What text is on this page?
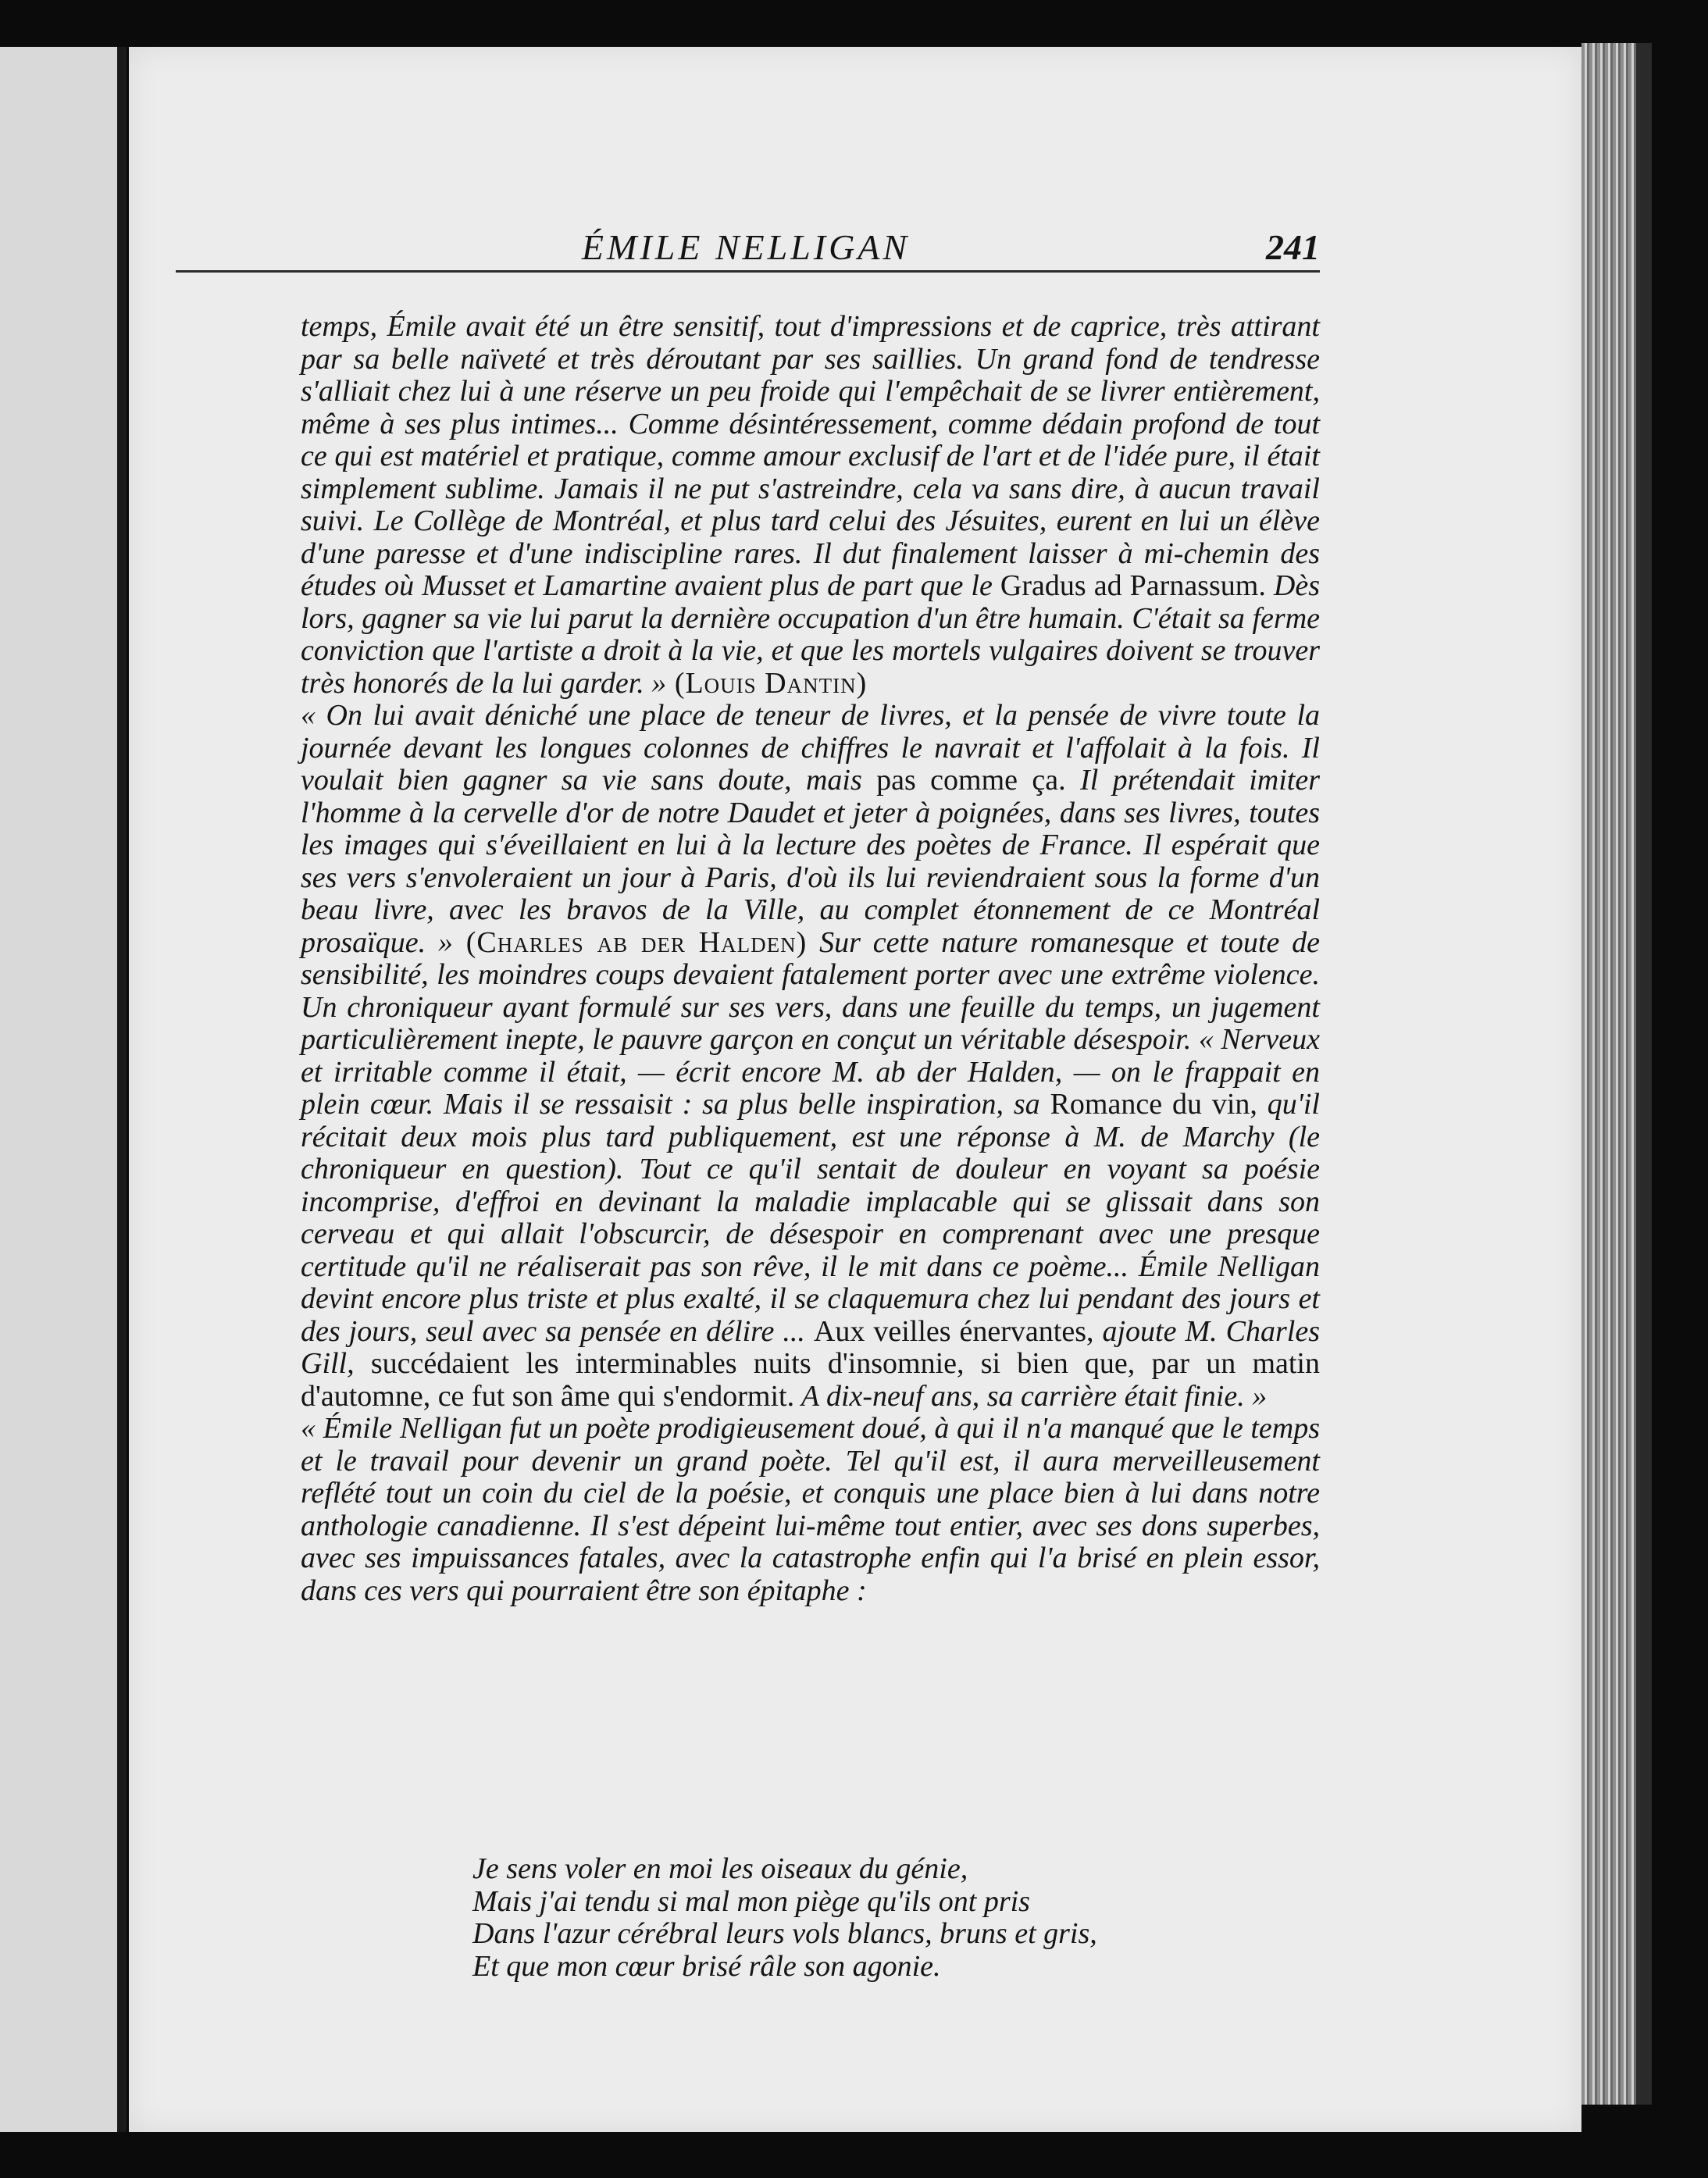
ÉMILE NELLIGAN	241

temps, Émile avait été un être sensitif, tout d'impressions et de caprice, très attirant par sa belle naïveté et très déroutant par ses saillies. Un grand fond de tendresse s'alliait chez lui à une réserve un peu froide qui l'empêchait de se livrer entièrement, même à ses plus intimes... Comme désintéressement, comme dédain profond de tout ce qui est matériel et pratique, comme amour exclusif de l'art et de l'idée pure, il était simplement sublime. Jamais il ne put s'astreindre, cela va sans dire, à aucun travail suivi. Le Collège de Montréal, et plus tard celui des Jésuites, eurent en lui un élève d'une paresse et d'une indiscipline rares. Il dut finalement laisser à mi-chemin des études où Musset et Lamartine avaient plus de part que le Gradus ad Parnassum. Dès lors, gagner sa vie lui parut la dernière occupation d'un être humain. C'était sa ferme conviction que l'artiste a droit à la vie, et que les mortels vulgaires doivent se trouver très honorés de la lui garder. » (Louis Dantin)

« On lui avait déniché une place de teneur de livres, et la pensée de vivre toute la journée devant les longues colonnes de chiffres le navrait et l'affolait à la fois. Il voulait bien gagner sa vie sans doute, mais pas comme ça. Il prétendait imiter l'homme à la cervelle d'or de notre Daudet et jeter à poignées, dans ses livres, toutes les images qui s'éveillaient en lui à la lecture des poètes de France. Il espérait que ses vers s'envoleraient un jour à Paris, d'où ils lui reviendraient sous la forme d'un beau livre, avec les bravos de la Ville, au complet étonnement de ce Montréal prosaïque. » (Charles ab der Halden) Sur cette nature romanesque et toute de sensibilité, les moindres coups devaient fatalement porter avec une extrême violence. Un chroniqueur ayant formulé sur ses vers, dans une feuille du temps, un jugement particulièrement inepte, le pauvre garçon en conçut un véritable désespoir. « Nerveux et irritable comme il était, — écrit encore M. ab der Halden, — on le frappait en plein cœur. Mais il se ressaisit : sa plus belle inspiration, sa Romance du vin, qu'il récitait deux mois plus tard publiquement, est une réponse à M. de Marchy (le chroniqueur en question). Tout ce qu'il sentait de douleur en voyant sa poésie incomprise, d'effroi en devinant la maladie implacable qui se glissait dans son cerveau et qui allait l'obscurcir, de désespoir en comprenant avec une presque certitude qu'il ne réaliserait pas son rêve, il le mit dans ce poème... Émile Nelligan devint encore plus triste et plus exalté, il se claquemura chez lui pendant des jours et des jours, seul avec sa pensée en délire ... Aux veilles énervantes, ajoute M. Charles Gill, succédaient les interminables nuits d'insomnie, si bien que, par un matin d'automne, ce fut son âme qui s'endormit. A dix-neuf ans, sa carrière était finie. »

« Émile Nelligan fut un poète prodigieusement doué, à qui il n'a manqué que le temps et le travail pour devenir un grand poète. Tel qu'il est, il aura merveilleusement reflété tout un coin du ciel de la poésie, et conquis une place bien à lui dans notre anthologie canadienne. Il s'est dépeint lui-même tout entier, avec ses dons superbes, avec ses impuissances fatales, avec la catastrophe enfin qui l'a brisé en plein essor, dans ces vers qui pourraient être son épitaphe :

Je sens voler en moi les oiseaux du génie,
Mais j'ai tendu si mal mon piège qu'ils ont pris
Dans l'azur cérébral leurs vols blancs, bruns et gris,
Et que mon cœur brisé râle son agonie.
